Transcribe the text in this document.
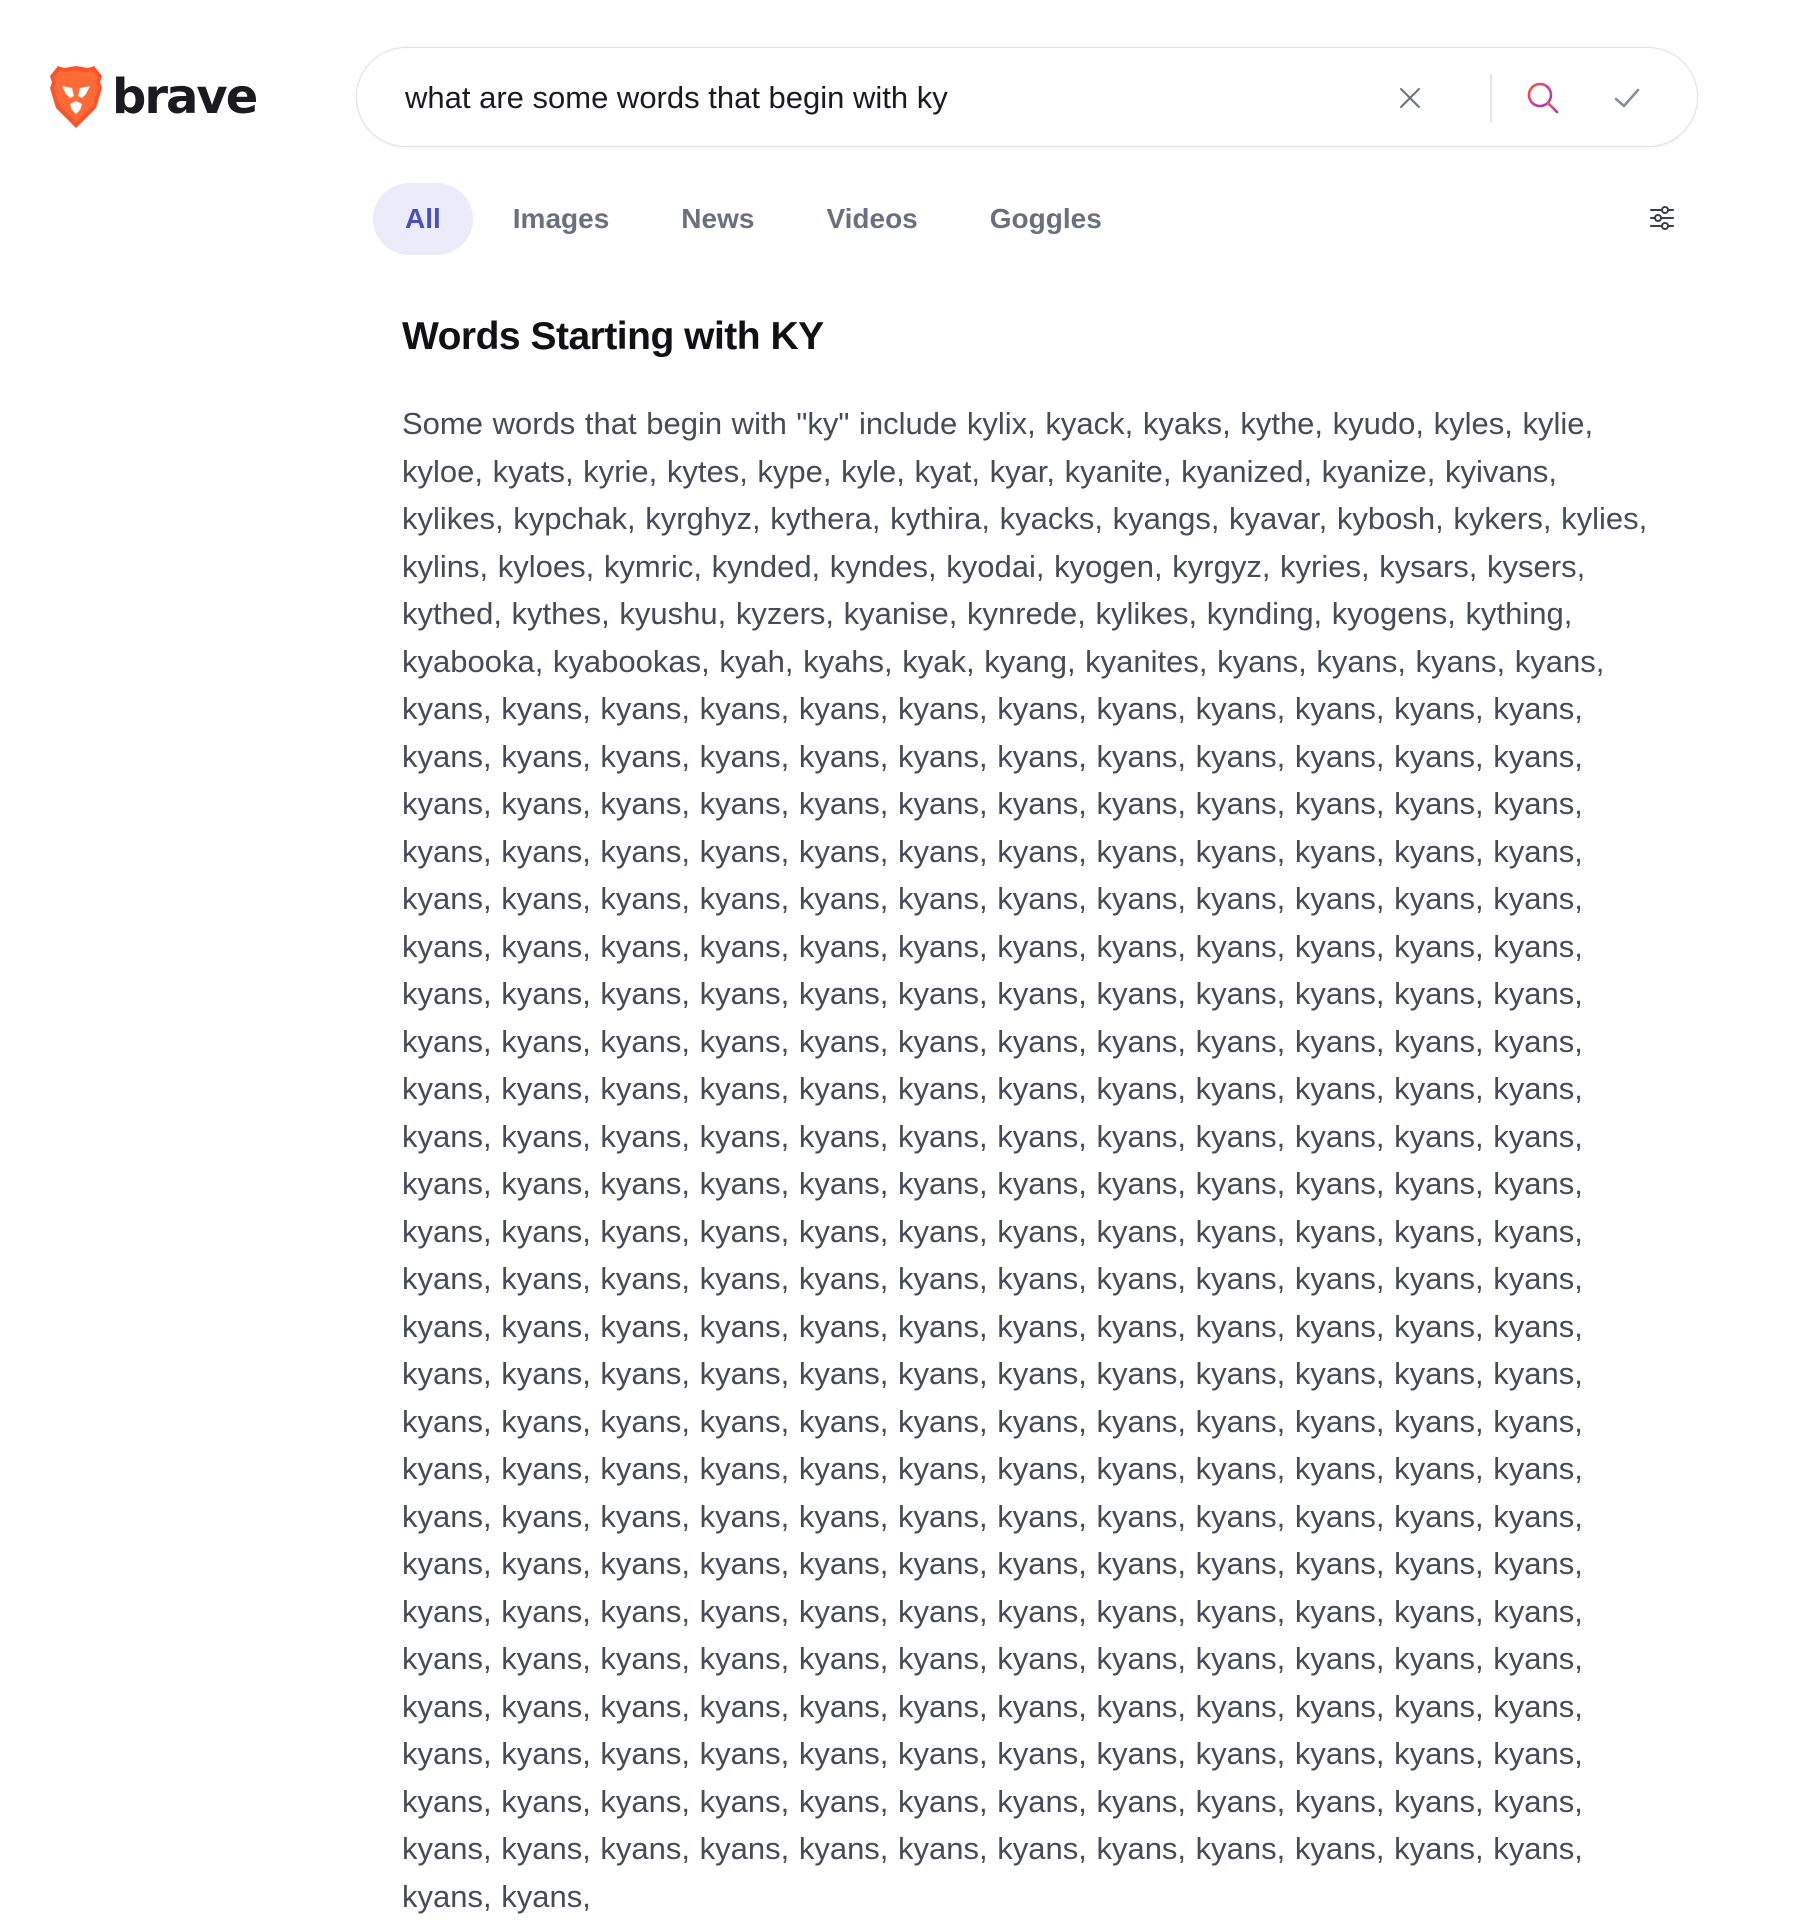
brave
what are some words that begin with ky
All	Images	News	Videos	Goggles
Words Starting with KY

Some words that begin with "ky" include kylix, kyack, kyaks, kythe, kyudo, kyles, kylie, kyloe, kyats, kyrie, kytes, kype, kyle, kyat, kyar, kyanite, kyanized, kyanize, kyivans, kylikes, kypchak, kyrghyz, kythera, kythira, kyacks, kyangs, kyavar, kybosh, kykers, kylies, kylins, kyloes, kymric, kynded, kyndes, kyodai, kyogen, kyrgyz, kyries, kysars, kysers, kythed, kythes, kyushu, kyzers, kyanise, kynrede, kylikes, kynding, kyogens, kything, kyabooka, kyabookas, kyah, kyahs, kyak, kyang, kyanites, kyans, kyans, kyans, kyans, kyans, kyans, kyans, kyans, kyans, kyans, kyans, kyans, kyans, kyans, kyans, kyans, kyans, kyans, kyans, kyans, kyans, kyans, kyans, kyans, kyans, kyans, kyans, kyans, kyans, kyans, kyans, kyans, kyans, kyans, kyans, kyans, kyans, kyans, kyans, kyans, kyans, kyans, kyans, kyans, kyans, kyans, kyans, kyans, kyans, kyans, kyans, kyans, kyans, kyans, kyans, kyans, kyans, kyans, kyans, kyans, kyans, kyans, kyans, kyans, kyans, kyans, kyans, kyans, kyans, kyans, kyans, kyans, kyans, kyans, kyans, kyans, kyans, kyans, kyans, kyans, kyans, kyans, kyans, kyans, kyans, kyans, kyans, kyans, kyans, kyans, kyans, kyans, kyans, kyans, kyans, kyans, kyans, kyans, kyans, kyans, kyans, kyans, kyans, kyans, kyans, kyans, kyans, kyans, kyans, kyans, kyans, kyans, kyans, kyans, kyans, kyans, kyans, kyans, kyans, kyans, kyans, kyans, kyans, kyans, kyans, kyans, kyans, kyans, kyans, kyans, kyans, kyans, kyans, kyans, kyans, kyans, kyans, kyans, kyans, kyans, kyans, kyans, kyans, kyans, kyans, kyans, kyans, kyans, kyans, kyans, kyans, kyans, kyans, kyans, kyans, kyans, kyans, kyans, kyans, kyans, kyans, kyans, kyans, kyans, kyans, kyans, kyans, kyans, kyans, kyans, kyans, kyans, kyans, kyans, kyans, kyans, kyans, kyans, kyans, kyans, kyans, kyans, kyans, kyans, kyans, kyans, kyans, kyans, kyans, kyans, kyans, kyans, kyans, kyans, kyans, kyans, kyans, kyans, kyans, kyans, kyans, kyans, kyans, kyans, kyans, kyans, kyans, kyans, kyans, kyans, kyans, kyans, kyans, kyans, kyans, kyans, kyans, kyans, kyans, kyans, kyans, kyans, kyans, kyans, kyans, kyans, kyans, kyans, kyans, kyans, kyans, kyans, kyans, kyans, kyans, kyans, kyans, kyans, kyans, kyans, kyans, kyans, kyans, kyans, kyans, kyans, kyans, kyans, kyans, kyans, kyans, kyans, kyans, kyans, kyans, kyans, kyans, kyans, kyans, kyans, kyans, kyans, kyans, kyans, kyans, kyans, kyans, kyans, kyans, kyans, kyans, kyans, kyans, kyans, kyans, kyans, kyans, kyans, kyans, kyans, kyans, kyans, kyans, kyans, kyans, kyans, kyans, kyans, kyans, kyans, kyans, kyans, kyans, kyans, kyans, kyans, kyans, kyans, kyans, kyans, kyans, kyans, kyans, kyans, kyans, kyans,
